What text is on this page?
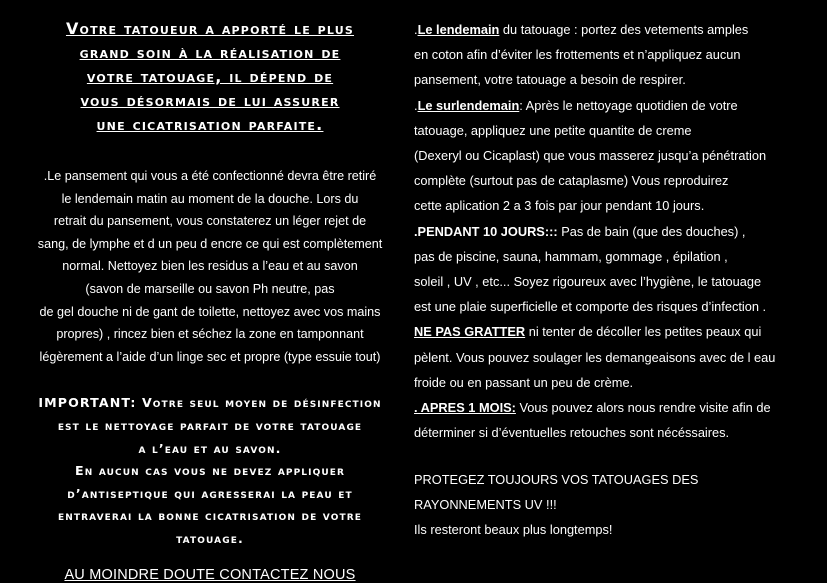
Votre tatoueur a apporté le plus
grand soin à la réalisation de
votre tatouage, il dépend de
vous désormais de lui assurer
une cicatrisation parfaite.
.Le pansement qui vous a été confectionné devra être retiré
le lendemain matin au moment de la douche. Lors du
retrait du pansement, vous constaterez un léger rejet de
sang, de lymphe et d un peu d encre ce qui est complètement
normal. Nettoyez bien les residus a l’eau et au savon
(savon de marseille ou savon Ph neutre, pas
de gel douche ni de gant de toilette, nettoyez avec vos mains
propres) , rincez bien et séchez la zone en tamponnant
légèrement a l’aide d’un linge sec et propre (type essuie tout)
IMPORTANT: Votre seul moyen de désinfection
est le nettoyage parfait de votre tatouage
a l’eau et au savon.
En aucun cas vous ne devez appliquer
d’antiseptique qui agresserai la peau et
entraverai la bonne cicatrisation de votre
tatouage.
AU MOINDRE DOUTE CONTACTEZ NOUS
.Le lendemain du tatouage : portez des vetements amples
en coton afin d’éviter les frottements et n’appliquez aucun
pansement, votre tatouage a besoin de respirer.
.Le surlendemain: Après le nettoyage quotidien de votre
tatouage, appliquez une petite quantite de creme
(Dexeryl ou Cicaplast) que vous masserez jusqu’a pénétration
complète (surtout pas de cataplasme) Vous reproduirez
cette aplication 2 a 3 fois par jour pendant 10 jours.
.PENDANT 10 JOURS::: Pas de bain (que des douches) ,
pas de piscine, sauna, hammam, gommage , épilation ,
soleil , UV , etc... Soyez rigoureux avec l’hygiène, le tatouage
est une plaie superficielle et comporte des risques d’infection .
NE PAS GRATTER ni tenter de décoller les petites peaux qui
pèlent. Vous pouvez soulager les demangeaisons avec de l eau
froide ou en passant un peu de crème.
. APRES 1 MOIS: Vous pouvez alors nous rendre visite afin de
déterminer si d’éventuelles retouches sont nécéssaires.
PROTEGEZ TOUJOURS VOS TATOUAGES DES
RAYONNEMENTS UV !!!
Ils resteront beaux plus longtemps!
